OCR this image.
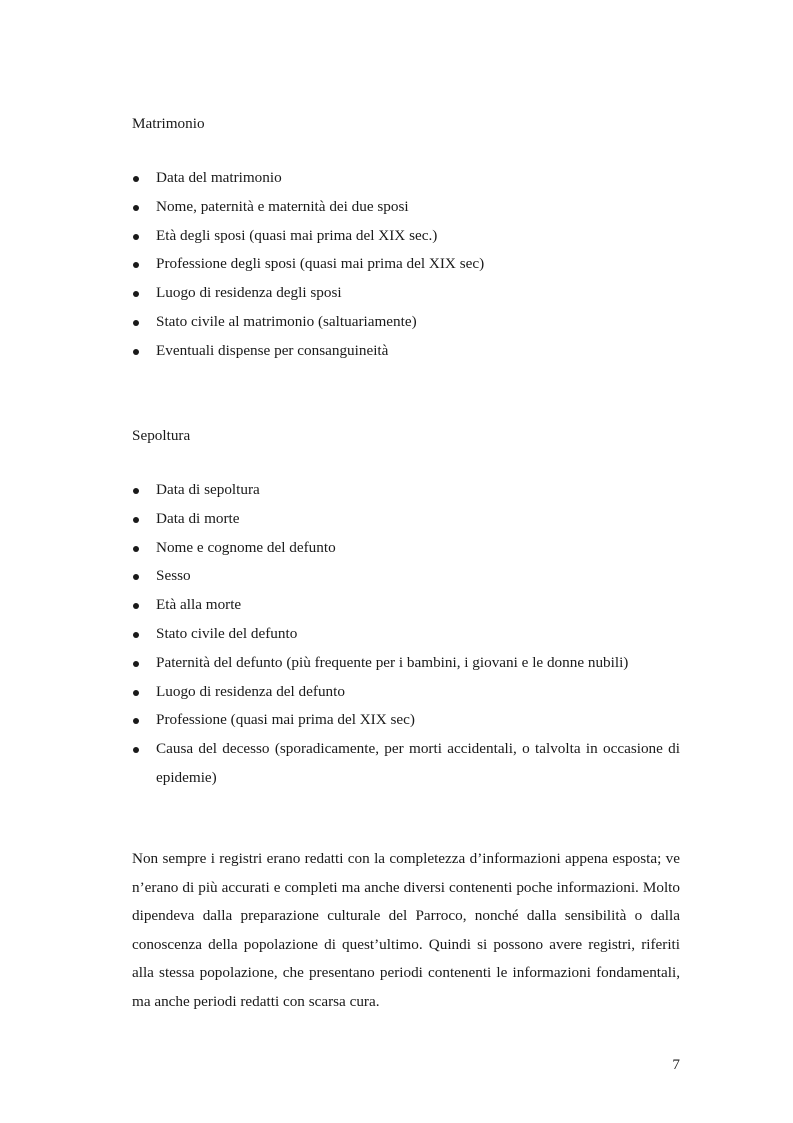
Matrimonio
Data del matrimonio
Nome, paternità e maternità dei due sposi
Età degli sposi (quasi mai prima del XIX sec.)
Professione degli sposi (quasi mai prima del XIX sec)
Luogo di residenza degli sposi
Stato civile al matrimonio (saltuariamente)
Eventuali dispense per consanguineità
Sepoltura
Data di sepoltura
Data di morte
Nome e cognome del defunto
Sesso
Età alla morte
Stato civile del defunto
Paternità del defunto (più frequente per i bambini, i giovani e le donne nubili)
Luogo di residenza del defunto
Professione (quasi mai prima del XIX sec)
Causa del decesso (sporadicamente, per morti accidentali, o talvolta in occasione di epidemie)

Non sempre i registri erano redatti con la completezza d’informazioni appena esposta; ve n’erano di più accurati e completi ma anche diversi contenenti poche informazioni. Molto dipendeva dalla preparazione culturale del Parroco, nonché dalla sensibilità o dalla conoscenza della popolazione di quest’ultimo. Quindi si possono avere registri, riferiti alla stessa popolazione, che presentano periodi contenenti le informazioni fondamentali, ma anche periodi redatti con scarsa cura.

7
